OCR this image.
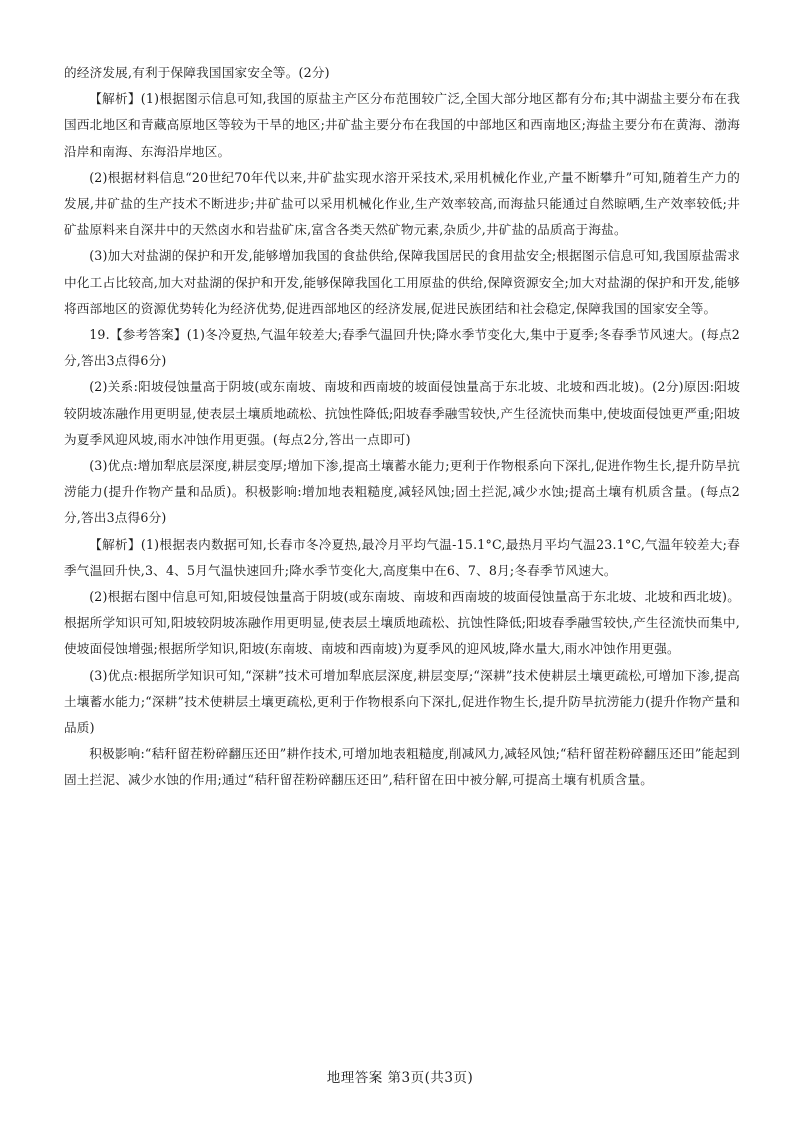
的经济发展,有利于保障我国国家安全等。(2分)

【解析】(1)根据图示信息可知,我国的原盐主产区分布范围较广泛,全国大部分地区都有分布;其中湖盐主要分布在我国西北地区和青藏高原地区等较为干旱的地区;井矿盐主要分布在我国的中部地区和西南地区;海盐主要分布在黄海、渤海沿岸和南海、东海沿岸地区。

(2)根据材料信息“20世纪70年代以来,井矿盐实现水溶开采技术,采用机械化作业,产量不断攀升”可知,随着生产力的发展,井矿盐的生产技术不断进步;井矿盐可以采用机械化作业,生产效率较高,而海盐只能通过自然晾晒,生产效率较低;井矿盐原料来自深井中的天然卤水和岩盐矿床,富含各类天然矿物元素,杂质少,井矿盐的品质高于海盐。

(3)加大对盐湖的保护和开发,能够增加我国的食盐供给,保障我国居民的食用盐安全;根据图示信息可知,我国原盐需求中化工占比较高,加大对盐湖的保护和开发,能够保障我国化工用原盐的供给,保障资源安全;加大对盐湖的保护和开发,能够将西部地区的资源优势转化为经济优势,促进西部地区的经济发展,促进民族团结和社会稳定,保障我国的国家安全等。

19.【参考答案】(1)冬冷夏热,气温年较差大;春季气温回升快;降水季节变化大,集中于夏季;冬春季节风速大。(每点2分,答出3点得6分)

(2)关系:阳坡侵蚀量高于阴坡(或东南坡、南坡和西南坡的坡面侵蚀量高于东北坡、北坡和西北坡)。(2分)原因:阳坡较阴坡冻融作用更明显,使表层土壤质地疏松、抗蚀性降低;阳坡春季融雪较快,产生径流快而集中,使坡面侵蚀更严重;阳坡为夏季风迎风坡,雨水冲蚀作用更强。(每点2分,答出一点即可)

(3)优点:增加犁底层深度,耕层变厚;增加下渗,提高土壤蓄水能力;更利于作物根系向下深扎,促进作物生长,提升防旱抗涝能力(提升作物产量和品质)。积极影响:增加地表粗糙度,减轻风蚀;固土拦泥,减少水蚀;提高土壤有机质含量。(每点2分,答出3点得6分)

【解析】(1)根据表内数据可知,长春市冬冷夏热,最冷月平均气温-15.1°C,最热月平均气温23.1°C,气温年较差大;春季气温回升快,3、4、5月气温快速回升;降水季节变化大,高度集中在6、7、8月;冬春季节风速大。

(2)根据右图中信息可知,阳坡侵蚀量高于阴坡(或东南坡、南坡和西南坡的坡面侵蚀量高于东北坡、北坡和西北坡)。根据所学知识可知,阳坡较阴坡冻融作用更明显,使表层土壤质地疏松、抗蚀性降低;阳坡春季融雪较快,产生径流快而集中,使坡面侵蚀增强;根据所学知识,阳坡(东南坡、南坡和西南坡)为夏季风的迎风坡,降水量大,雨水冲蚀作用更强。

(3)优点:根据所学知识可知,“深耕”技术可增加犁底层深度,耕层变厚;“深耕”技术使耕层土壤更疏松,可增加下渗,提高土壤蓄水能力;“深耕”技术使耕层土壤更疏松,更利于作物根系向下深扎,促进作物生长,提升防旱抗涝能力(提升作物产量和品质)

积极影响:“秸秆留茬粉碎翻压还田”耕作技术,可增加地表粗糙度,削减风力,减轻风蚀;“秸秆留茬粉碎翻压还田”能起到固土拦泥、减少水蚀的作用;通过“秸秆留茬粉碎翻压还田”,秸秆留在田中被分解,可提高土壤有机质含量。

地理答案 第3页(共3页)
